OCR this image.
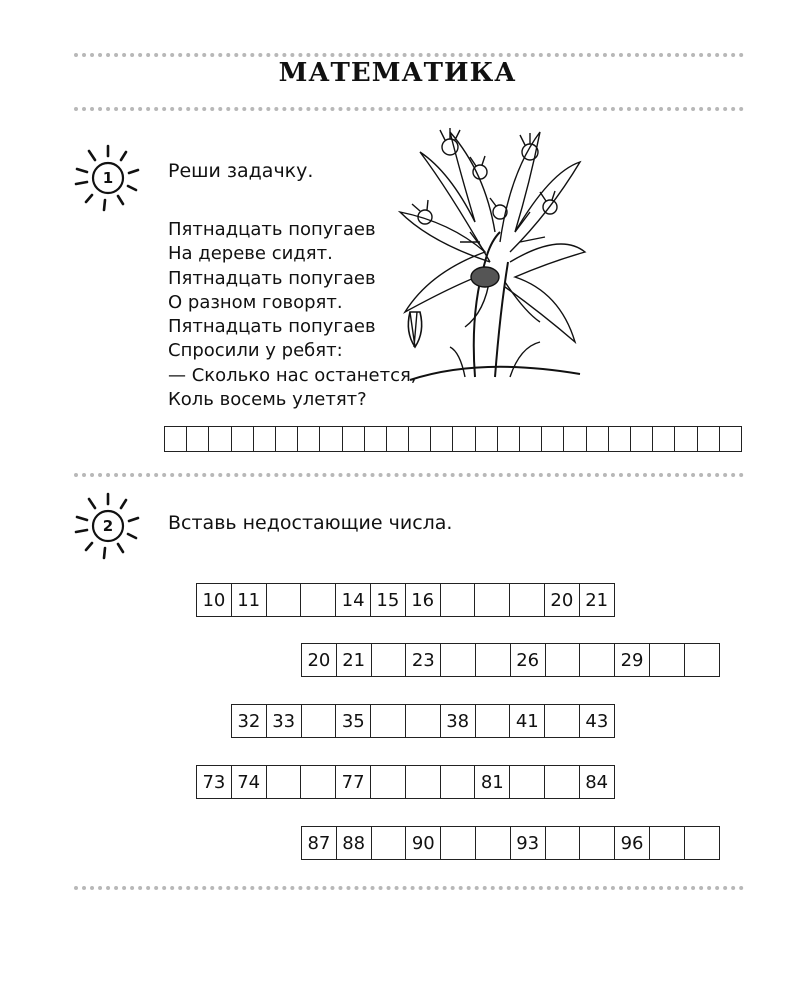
МАТЕМАТИКА
1	Реши задачку.
Пятнадцать попугаев
На дереве сидят.
Пятнадцать попугаев
О разном говорят.
Пятнадцать попугаев
Спросили у ребят:
— Сколько нас останется,
Коль восемь улетят?
2	Вставь недостающие числа.
10 11	14 15 16	20 21
20 21	23	26	29
32 33	35	38	41	43
73 74	77	81	84
87 88	90	93	96
